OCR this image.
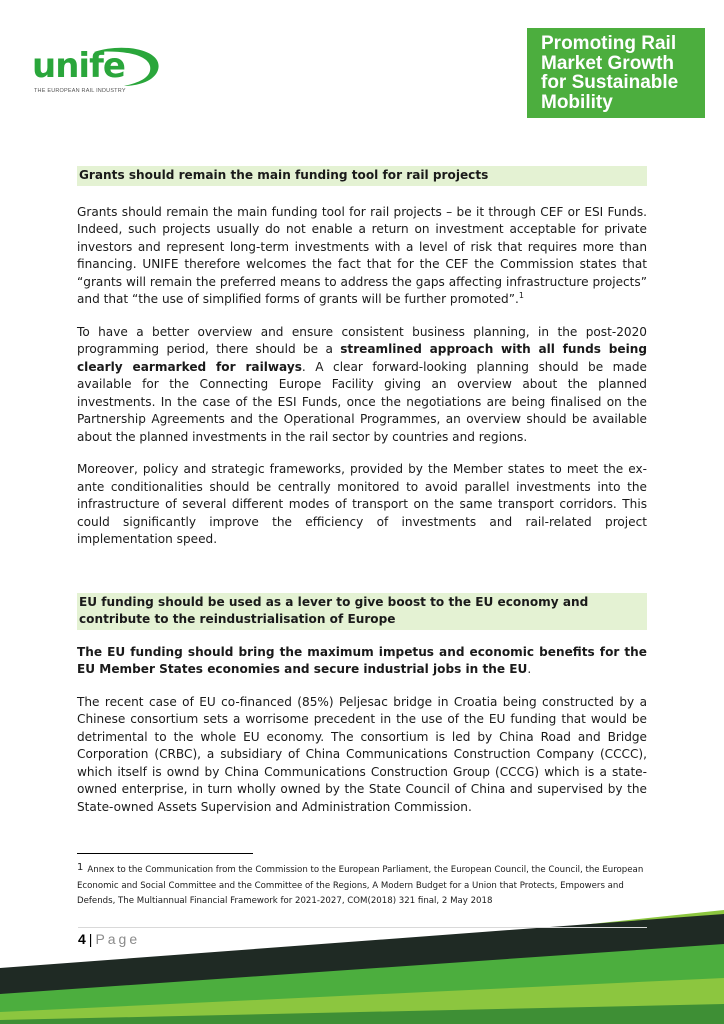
unife
THE EUROPEAN RAIL INDUSTRY
Promoting Rail
Market Growth
for Sustainable
Mobility
Grants should remain the main funding tool for rail projects

Grants should remain the main funding tool for rail projects – be it through CEF or ESI Funds. Indeed, such projects usually do not enable a return on investment acceptable for private investors and represent long-term investments with a level of risk that requires more than financing. UNIFE therefore welcomes the fact that for the CEF the Commission states that “grants will remain the preferred means to address the gaps affecting infrastructure projects” and that “the use of simplified forms of grants will be further promoted”.$^1$

To have a better overview and ensure consistent business planning, in the post-2020 programming period, there should be a streamlined approach with all funds being clearly earmarked for railways. A clear forward-looking planning should be made available for the Connecting Europe Facility giving an overview about the planned investments. In the case of the ESI Funds, once the negotiations are being finalised on the Partnership Agreements and the Operational Programmes, an overview should be available about the planned investments in the rail sector by countries and regions.

Moreover, policy and strategic frameworks, provided by the Member states to meet the ex-ante conditionalities should be centrally monitored to avoid parallel investments into the infrastructure of several different modes of transport on the same transport corridors. This could significantly improve the efficiency of investments and rail-related project implementation speed.

EU funding should be used as a lever to give boost to the EU economy and contribute to the reindustrialisation of Europe

The EU funding should bring the maximum impetus and economic benefits for the EU Member States economies and secure industrial jobs in the EU.

The recent case of EU co-financed (85%) Peljesac bridge in Croatia being constructed by a Chinese consortium sets a worrisome precedent in the use of the EU funding that would be detrimental to the whole EU economy. The consortium is led by China Road and Bridge Corporation (CRBC), a subsidiary of China Communications Construction Company (CCCC), which itself is ownd by China Communications Construction Group (CCCG) which is a state-owned enterprise, in turn wholly owned by the State Council of China and supervised by the State-owned Assets Supervision and Administration Commission.

1 Annex to the Communication from the Commission to the European Parliament, the European Council, the Council, the European Economic and Social Committee and the Committee of the Regions, A Modern Budget for a Union that Protects, Empowers and Defends, The Multiannual Financial Framework for 2021-2027, COM(2018) 321 final, 2 May 2018
4 | Page
